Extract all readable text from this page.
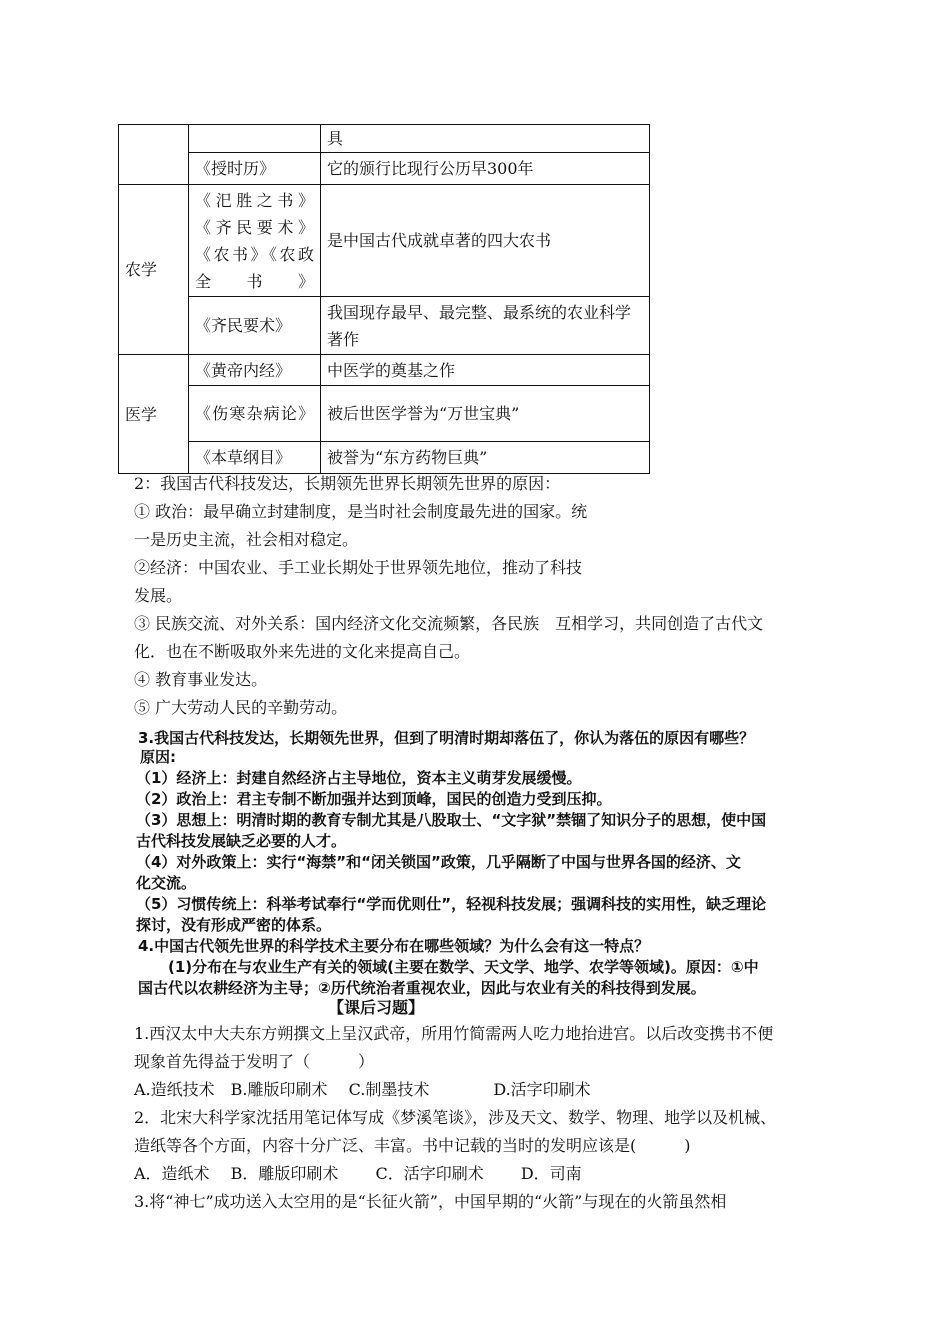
		具
	《授时历》	它的颁行比现行公历早300年
农学	《汜胜之书》《齐民要术》《农书》《农政全书》	是中国古代成就卓著的四大农书
	《齐民要术》	我国现存最早、最完整、最系统的农业科学著作
医学	《黄帝内经》	中医学的奠基之作
	《伤寒杂病论》	被后世医学誉为“万世宝典”
	《本草纲目》	被誉为“东方药物巨典”
2：我国古代科技发达，长期领先世界长期领先世界的原因：
① 政治：最早确立封建制度，是当时社会制度最先进的国家。统
一是历史主流，社会相对稳定。
②经济：中国农业、手工业长期处于世界领先地位，推动了科技
发展。
③ 民族交流、对外关系：国内经济文化交流频繁，各民族　互相学习，共同创造了古代文
化．也在不断吸取外来先进的文化来提高自己。
④ 教育事业发达。
⑤ 广大劳动人民的辛勤劳动。
3.我国古代科技发达，长期领先世界，但到了明清时期却落伍了，你认为落伍的原因有哪些？
原因:
（1）经济上：封建自然经济占主导地位，资本主义萌芽发展缓慢。
（2）政治上：君主专制不断加强并达到顶峰，国民的创造力受到压抑。
（3）思想上：明清时期的教育专制尤其是八股取士、“文字狱”禁锢了知识分子的思想，使中国
古代科技发展缺乏必要的人才。
（4）对外政策上：实行“海禁”和“闭关锁国”政策，几乎隔断了中国与世界各国的经济、文
化交流。
（5）习惯传统上：科举考试奉行“学而优则仕”，轻视科技发展；强调科技的实用性，缺乏理论
探讨，没有形成严密的体系。
4.中国古代领先世界的科学技术主要分布在哪些领域？为什么会有这一特点？
(1)分布在与农业生产有关的领域(主要在数学、天文学、地学、农学等领域)。原因：①中
国古代以农耕经济为主导；②历代统治者重视农业，因此与农业有关的科技得到发展。
【课后习题】
1.西汉太中大夫东方朔撰文上呈汉武帝，所用竹简需两人吃力地抬进宫。以后改变携书不便
现象首先得益于发明了（　　　）
A.造纸技术　B.雕版印刷术　 C.制墨技术　　　　D.活字印刷术
2．北宋大科学家沈括用笔记体写成《梦溪笔谈》，涉及天文、数学、物理、地学以及机械、
造纸等各个方面，内容十分广泛、丰富。书中记载的当时的发明应该是(　　　)
A．造纸术　 B．雕版印刷术　　 C．活字印刷术　　 D．司南
3.将“神七”成功送入太空用的是“长征火箭”，中国早期的“火箭”与现在的火箭虽然相
